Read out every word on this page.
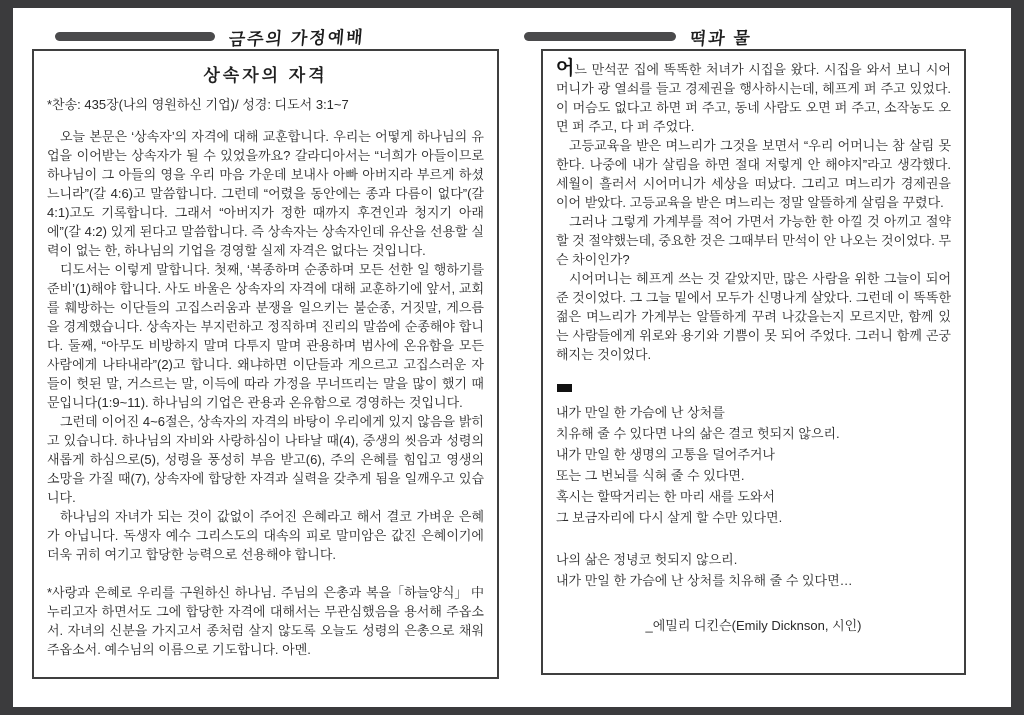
금주의 가정예배	떡과 물
상속자의 자격
*찬송: 435장(나의 영원하신 기업)/ 성경: 디도서 3:1~7

오늘 본문은 ‘상속자’의 자격에 대해 교훈합니다. 우리는 어떻게 하나님의 유업을 이어받는 상속자가 될 수 있었을까요? 갈라디아서는 “너희가 아들이므로 하나님이 그 아들의 영을 우리 마음 가운데 보내사 아빠 아버지라 부르게 하셨느니라”(갈 4:6)고 말씀합니다. 그런데 “어렸을 동안에는 종과 다름이 없다”(갈 4:1)고도 기록합니다. 그래서 “아버지가 정한 때까지 후견인과 청지기 아래에”(갈 4:2) 있게 된다고 말씀합니다. 즉 상속자는 상속자인데 유산을 선용할 실력이 없는 한, 하나님의 기업을 경영할 실제 자격은 없다는 것입니다.

디도서는 이렇게 말합니다. 첫째, ‘복종하며 순종하며 모든 선한 일 행하기를 준비’(1)해야 합니다. 사도 바울은 상속자의 자격에 대해 교훈하기에 앞서, 교회를 훼방하는 이단들의 고집스러움과 분쟁을 일으키는 불순종, 거짓말, 게으름을 경계했습니다. 상속자는 부지런하고 정직하며 진리의 말씀에 순종해야 합니다. 둘째, “아무도 비방하지 말며 다투지 말며 관용하며 범사에 온유함을 모든 사람에게 나타내라”(2)고 합니다. 왜냐하면 이단들과 게으르고 고집스러운 자들이 헛된 말, 거스르는 말, 이득에 따라 가정을 무너뜨리는 말을 많이 했기 때문입니다(1:9~11). 하나님의 기업은 관용과 온유함으로 경영하는 것입니다.

그런데 이어진 4~6절은, 상속자의 자격의 바탕이 우리에게 있지 않음을 밝히고 있습니다. 하나님의 자비와 사랑하심이 나타날 때(4), 중생의 씻음과 성령의 새롭게 하심으로(5), 성령을 풍성히 부음 받고(6), 주의 은혜를 힘입고 영생의 소망을 가질 때(7), 상속자에 합당한 자격과 실력을 갖추게 됨을 일깨우고 있습니다.

하나님의 자녀가 되는 것이 값없이 주어진 은혜라고 해서 결코 가벼운 은혜가 아닙니다. 독생자 예수 그리스도의 대속의 피로 말미암은 값진 은혜이기에 더욱 귀히 여기고 합당한 능력으로 선용해야 합니다.

「하늘양식」 中
*사랑과 은혜로 우리를 구원하신 하나님. 주님의 은총과 복을 누리고자 하면서도 그에 합당한 자격에 대해서는 무관심했음을 용서해 주옵소서. 자녀의 신분을 가지고서 종처럼 살지 않도록 오늘도 성령의 은총으로 채워 주옵소서. 예수님의 이름으로 기도합니다. 아멘.

어느 만석꾼 집에 똑똑한 처녀가 시집을 왔다. 시집을 와서 보니 시어머니가 광 열쇠를 들고 경제권을 행사하시는데, 헤프게 퍼 주고 있었다. 이 머슴도 없다고 하면 퍼 주고, 동네 사람도 오면 퍼 주고, 소작농도 오면 퍼 주고, 다 퍼 주었다.

고등교육을 받은 며느리가 그것을 보면서 “우리 어머니는 참 살림 못한다. 나중에 내가 살림을 하면 절대 저렇게 안 해야지”라고 생각했다. 세월이 흘러서 시어머니가 세상을 떠났다. 그리고 며느리가 경제권을 이어 받았다. 고등교육을 받은 며느리는 정말 알뜰하게 살림을 꾸렸다.

그러나 그렇게 가계부를 적어 가면서 가능한 한 아낄 것 아끼고 절약할 것 절약했는데, 중요한 것은 그때부터 만석이 안 나오는 것이었다. 무슨 차이인가?

시어머니는 헤프게 쓰는 것 같았지만, 많은 사람을 위한 그늘이 되어 준 것이었다. 그 그늘 밑에서 모두가 신명나게 살았다. 그런데 이 똑똑한 젊은 며느리가 가계부는 알뜰하게 꾸려 나갔을는지 모르지만, 함께 있는 사람들에게 위로와 용기와 기쁨이 못 되어 주었다. 그러니 함께 곤궁해지는 것이었다.

내가 만일 한 가슴에 난 상처를
치유해 줄 수 있다면 나의 삶은 결코 헛되지 않으리.
내가 만일 한 생명의 고통을 덜어주거나
또는 그 번뇌를 식혀 줄 수 있다면.
혹시는 할딱거리는 한 마리 새를 도와서
그 보금자리에 다시 살게 할 수만 있다면.
나의 삶은 정녕코 헛되지 않으리.
내가 만일 한 가슴에 난 상처를 치유해 줄 수 있다면…
_에밀리 디킨슨(Emily Dicknson, 시인)
